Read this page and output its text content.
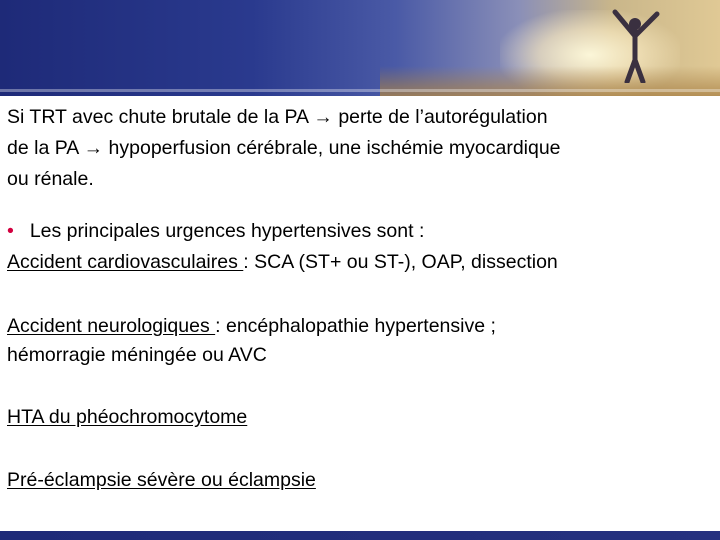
Si TRT avec chute brutale de la PA → perte de l’autorégulation
de la PA → hypoperfusion cérébrale, une ischémie myocardique
ou rénale.
• Les principales urgences hypertensives sont :
Accident cardiovasculaires : SCA (ST+ ou ST-), OAP, dissection
Accident neurologiques : encéphalopathie hypertensive ;
hémorragie méningée ou AVC
HTA du phéochromocytome
Pré-éclampsie sévère ou éclampsie
